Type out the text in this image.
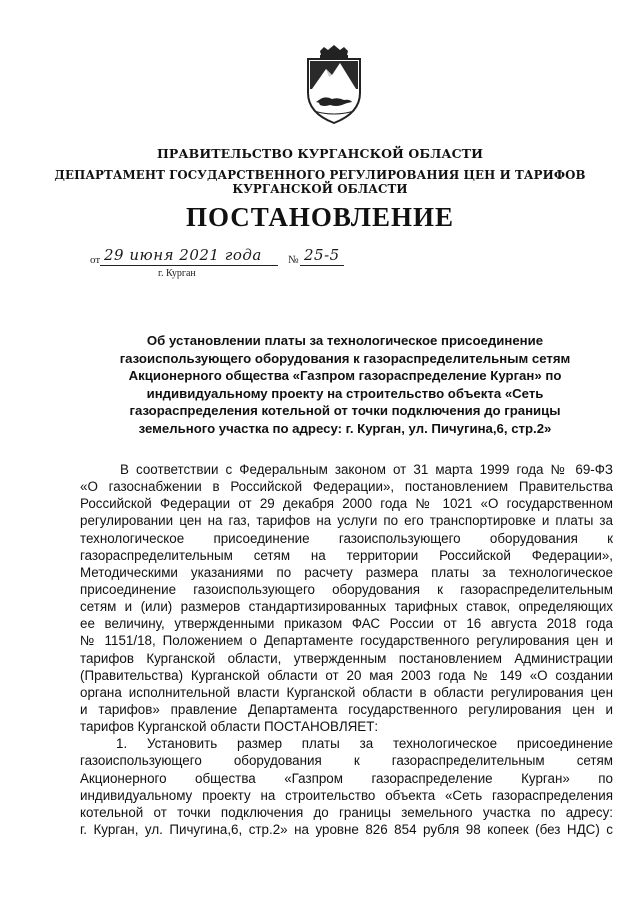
ПРАВИТЕЛЬСТВО КУРГАНСКОЙ ОБЛАСТИ
ДЕПАРТАМЕНТ ГОСУДАРСТВЕННОГО РЕГУЛИРОВАНИЯ ЦЕН И ТАРИФОВ
КУРГАНСКОЙ ОБЛАСТИ
ПОСТАНОВЛЕНИЕ
от 29 июня 2021 года № 25-5
г. Курган
Об установлении платы за технологическое присоединение
газоиспользующего оборудования к газораспределительным сетям
Акционерного общества «Газпром газораспределение Курган» по
индивидуальному проекту на строительство объекта «Сеть
газораспределения котельной от точки подключения до границы
земельного участка по адресу: г. Курган, ул. Пичугина,6, стр.2»
В соответствии с Федеральным законом от 31 марта 1999 года № 69-ФЗ
«О газоснабжении в Российской Федерации», постановлением Правительства
Российской Федерации от 29 декабря 2000 года № 1021 «О государственном
регулировании цен на газ, тарифов на услуги по его транспортировке и платы за
технологическое присоединение газоиспользующего оборудования к
газораспределительным сетям на территории Российской Федерации»,
Методическими указаниями по расчету размера платы за технологическое
присоединение газоиспользующего оборудования к газораспределительным
сетям и (или) размеров стандартизированных тарифных ставок, определяющих
ее величину, утвержденными приказом ФАС России от 16 августа 2018 года
№ 1151/18, Положением о Департаменте государственного регулирования цен и
тарифов Курганской области, утвержденным постановлением Администрации
(Правительства) Курганской области от 20 мая 2003 года № 149 «О создании
органа исполнительной власти Курганской области в области регулирования цен
и тарифов» правление Департамента государственного регулирования цен и
тарифов Курганской области ПОСТАНОВЛЯЕТ:
1. Установить размер платы за технологическое присоединение
газоиспользующего оборудования к газораспределительным сетям
Акционерного общества «Газпром газораспределение Курган» по
индивидуальному проекту на строительство объекта «Сеть газораспределения
котельной от точки подключения до границы земельного участка по адресу:
г. Курган, ул. Пичугина,6, стр.2» на уровне 826 854 рубля 98 копеек (без НДС) с
